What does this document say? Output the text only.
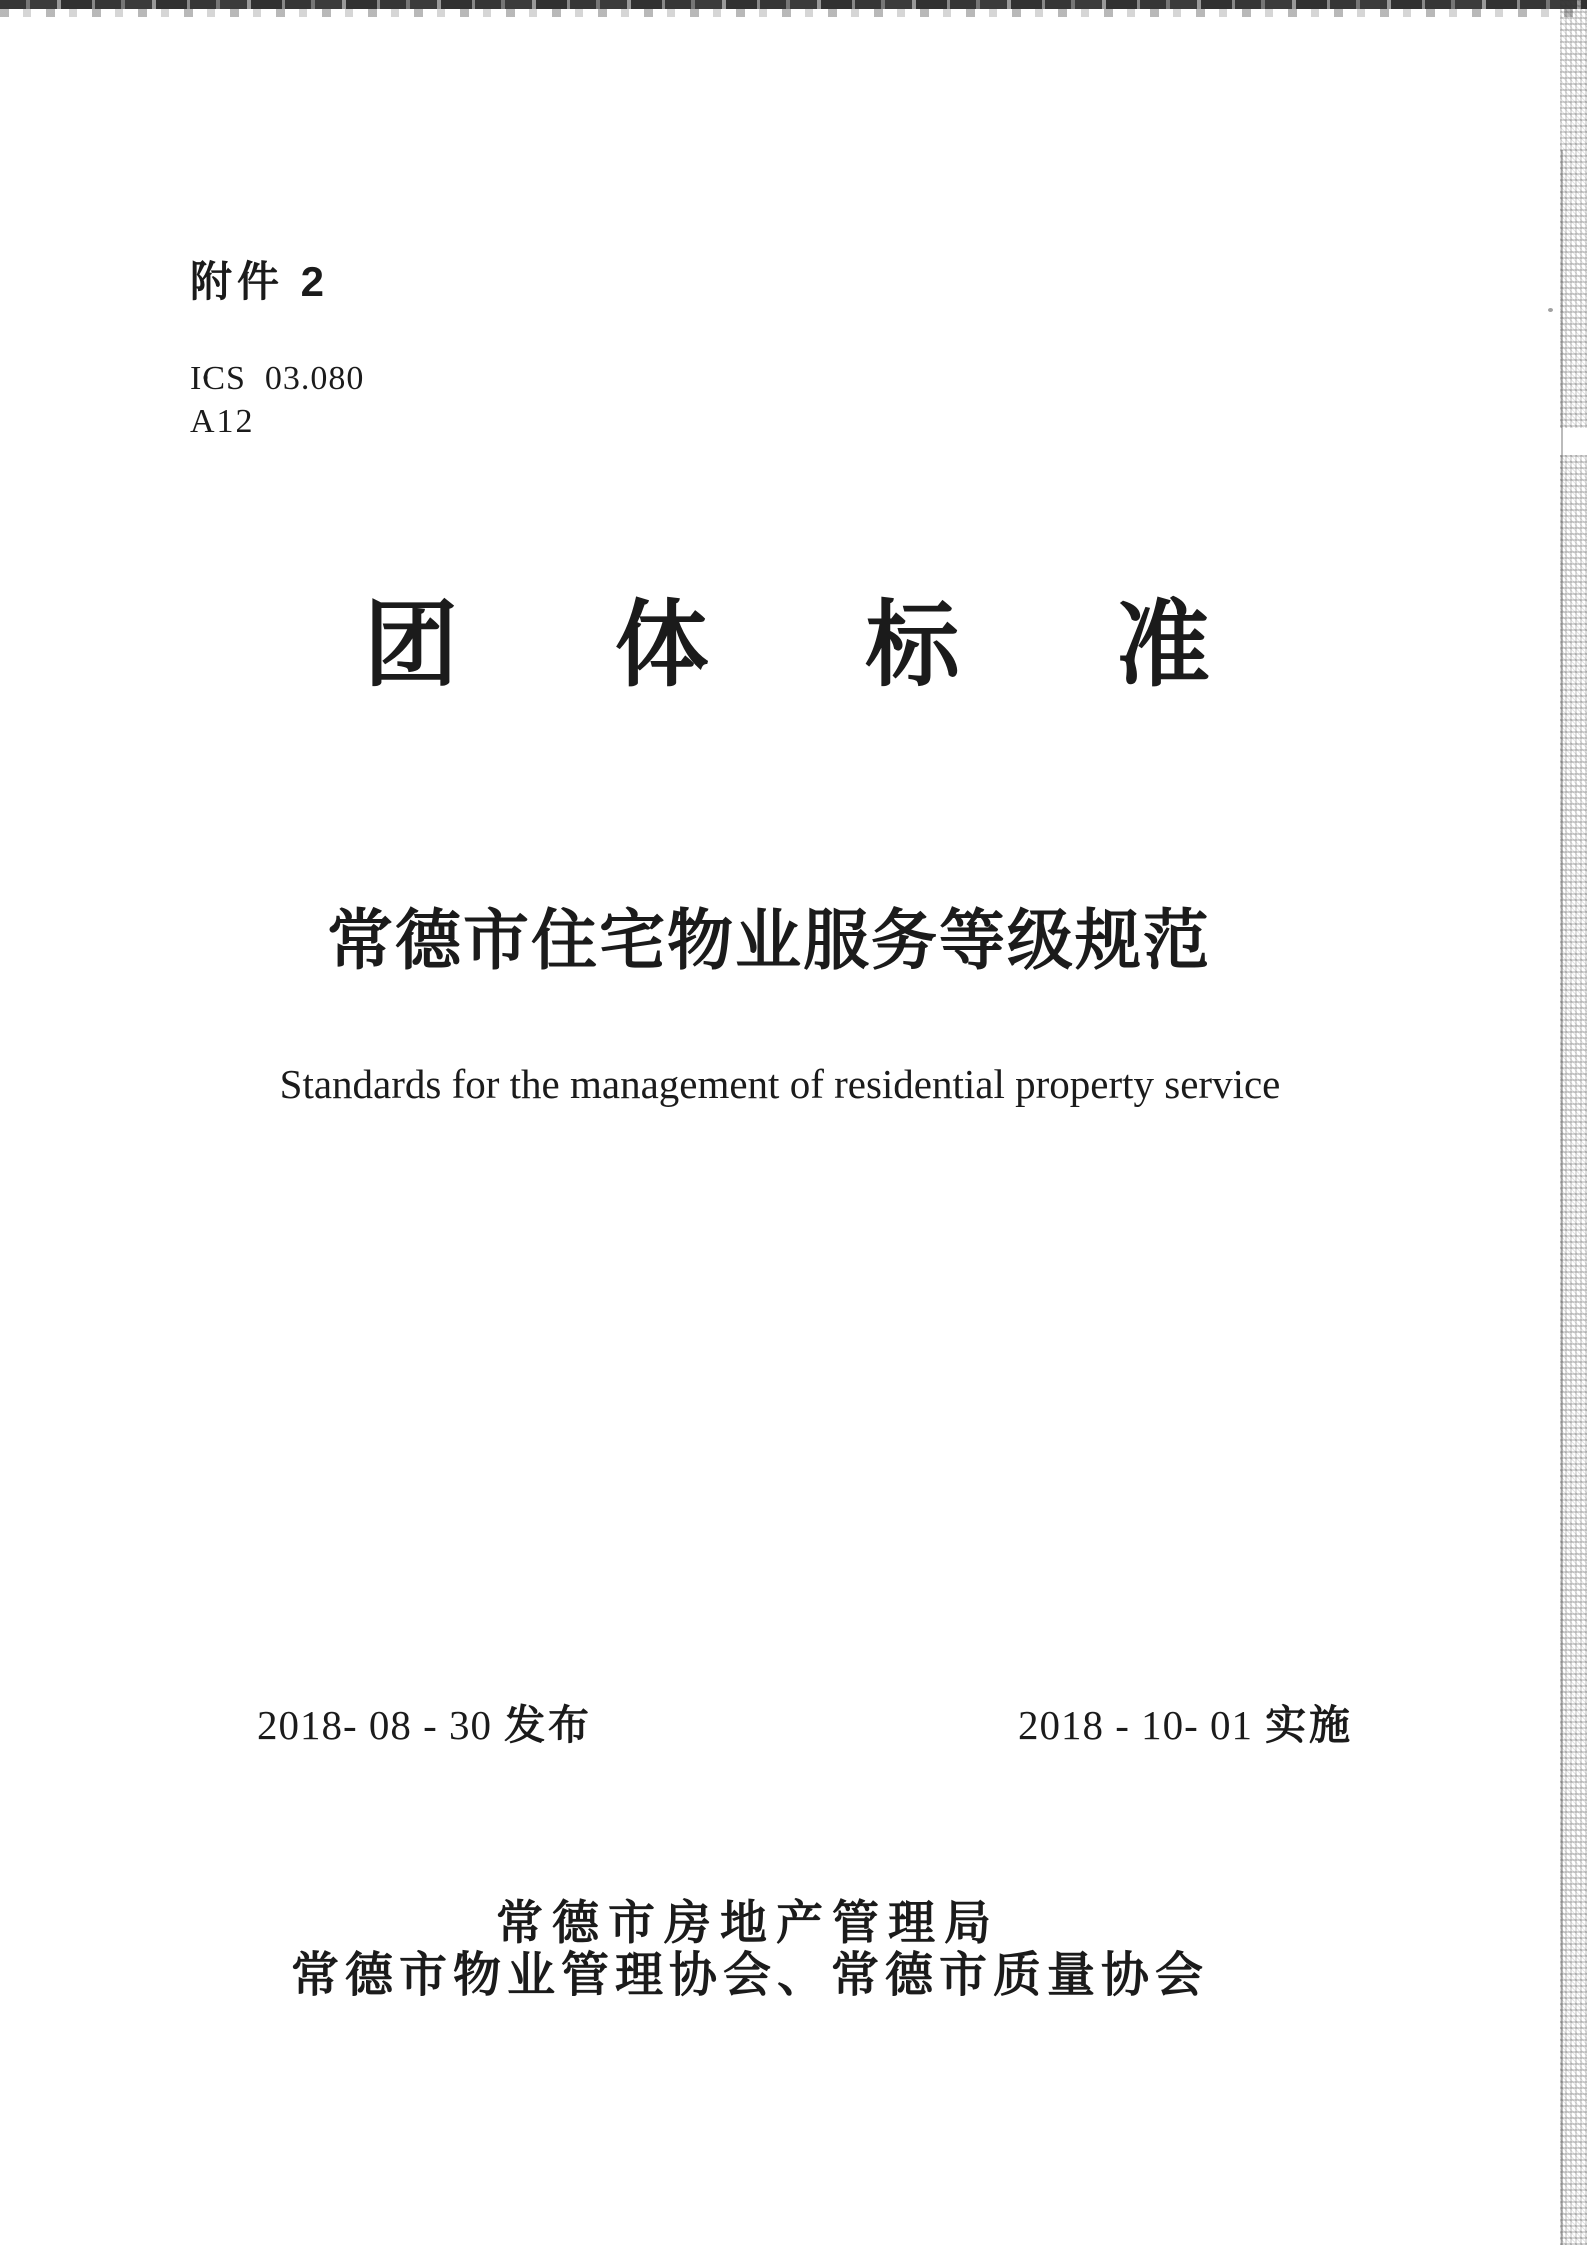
附件 2
ICS  03.080
A12
团 体 标 准
常德市住宅物业服务等级规范
Standards for the management of residential property service
2018- 08 - 30 发布	2018 - 10- 01 实施
常德市房地产管理局
常德市物业管理协会、常德市质量协会
